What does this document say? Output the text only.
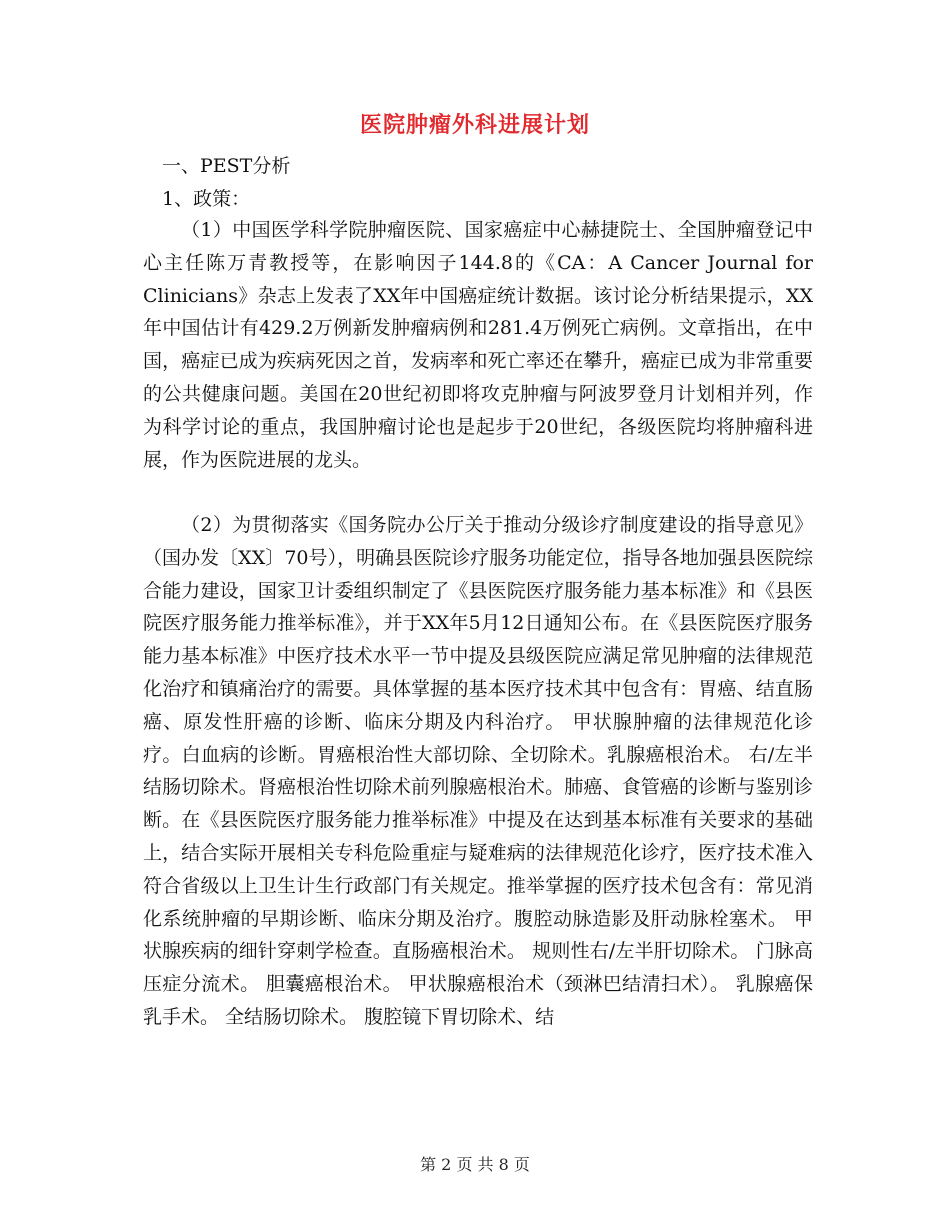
医院肿瘤外科进展计划
一、PEST分析
1、政策：

（1）中国医学科学院肿瘤医院、国家癌症中心赫捷院士、全国肿瘤登记中心主任陈万青教授等，在影响因子144.8的《CA：A Cancer Journal for Clinicians》杂志上发表了XX年中国癌症统计数据。该讨论分析结果提示，XX年中国估计有429.2万例新发肿瘤病例和281.4万例死亡病例。文章指出，在中国，癌症已成为疾病死因之首，发病率和死亡率还在攀升，癌症已成为非常重要的公共健康问题。美国在20世纪初即将攻克肿瘤与阿波罗登月计划相并列，作为科学讨论的重点，我国肿瘤讨论也是起步于20世纪，各级医院均将肿瘤科进展，作为医院进展的龙头。

（2）为贯彻落实《国务院办公厅关于推动分级诊疗制度建设的指导意见》（国办发〔XX〕70号），明确县医院诊疗服务功能定位，指导各地加强县医院综合能力建设，国家卫计委组织制定了《县医院医疗服务能力基本标准》和《县医院医疗服务能力推举标准》，并于XX年5月12日通知公布。在《县医院医疗服务能力基本标准》中医疗技术水平一节中提及县级医院应满足常见肿瘤的法律规范化治疗和镇痛治疗的需要。具体掌握的基本医疗技术其中包含有：胃癌、结直肠癌、原发性肝癌的诊断、临床分期及内科治疗。 甲状腺肿瘤的法律规范化诊疗。白血病的诊断。胃癌根治性大部切除、全切除术。乳腺癌根治术。 右/左半结肠切除术。肾癌根治性切除术前列腺癌根治术。肺癌、食管癌的诊断与鉴别诊断。在《县医院医疗服务能力推举标准》中提及在达到基本标准有关要求的基础上，结合实际开展相关专科危险重症与疑难病的法律规范化诊疗，医疗技术准入符合省级以上卫生计生行政部门有关规定。推举掌握的医疗技术包含有：常见消化系统肿瘤的早期诊断、临床分期及治疗。腹腔动脉造影及肝动脉栓塞术。 甲状腺疾病的细针穿刺学检查。直肠癌根治术。 规则性右/左半肝切除术。 门脉高压症分流术。 胆囊癌根治术。 甲状腺癌根治术（颈淋巴结清扫术）。 乳腺癌保乳手术。 全结肠切除术。 腹腔镜下胃切除术、结

第 2 页 共 8 页
